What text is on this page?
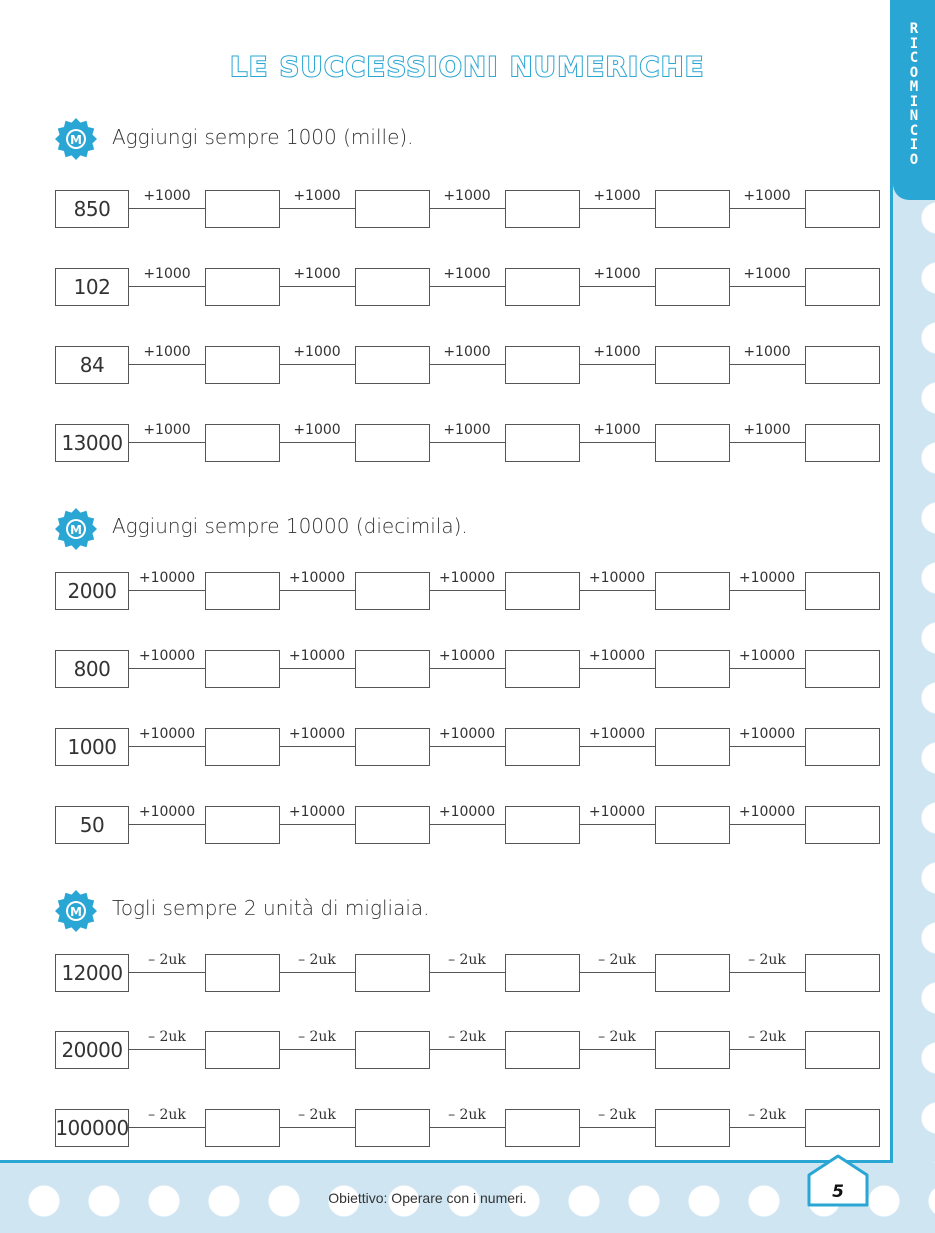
RICOMINCIO
LE SUCCESSIONI NUMERICHE
M Aggiungi sempre 1000 (mille).
850
+1000	+1000	+1000	+1000	+1000
102
+1000	+1000	+1000	+1000	+1000
84
+1000	+1000	+1000	+1000	+1000
13000
+1000	+1000	+1000	+1000	+1000
M Aggiungi sempre 10000 (diecimila).
2000
+10000	+10000	+10000	+10000	+10000
800
+10000	+10000	+10000	+10000	+10000
1000
+10000	+10000	+10000	+10000	+10000
50
+10000	+10000	+10000	+10000	+10000
M Togli sempre 2 unità di migliaia.
12000
– 2uk	– 2uk	– 2uk	– 2uk	– 2uk
20000
– 2uk	– 2uk	– 2uk	– 2uk	– 2uk
100000
– 2uk	– 2uk	– 2uk	– 2uk	– 2uk
Obiettivo: Operare con i numeri.	5
